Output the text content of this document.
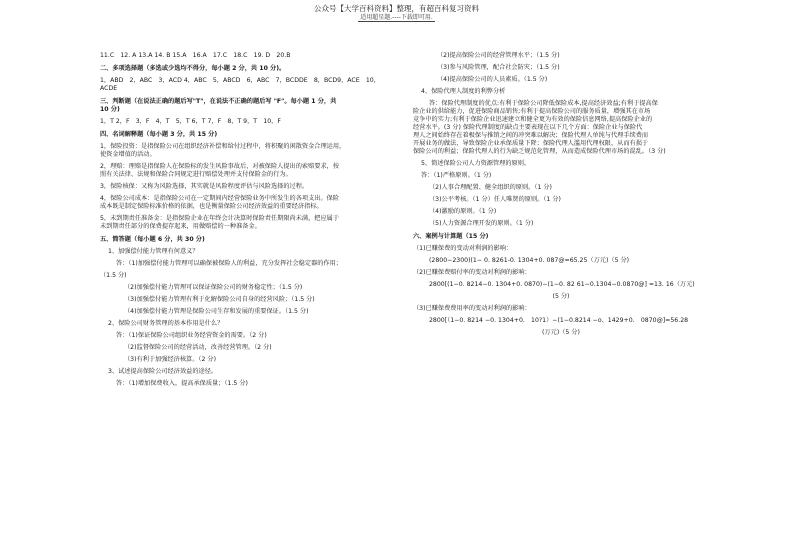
公众号【大学百科资料】整理，有超百科复习资料
适用超星题.----下载即可用.

11.C　12. A 13.A 14. B 15.A　16.A　17.C　18.C　19. D　20.B

二、多项选择题（多选或少选均不得分，每小题 2 分，共 10 分)。

1，ABD　2，ABC　3，ACD 4，ABC　5，ABCD　6，ABC　7，BCDDE　8，BCD9，ACE　10，ACDE

三、判断题（在说法正确的题后写"T"，在说法不正确的题后写 "F"。每小题 1 分，共

10 分)

1，T 2，F　3，F　4，T　5，T 6，T 7，F　8，T 9，T　10，F

四、名词解释题（每小题 3 分，共 15 分)

1，保险投资：是指保险公司在组织经济补偿和给付过程中，将积聚的闲散资金合理运用，

使资金增值的活动。

2，理赔：理赔是指保险人在保险标的发生风险事故后，对被保险人提出的索赔要求，按

照有关法律、法规和保险合同规定进行赔偿处理并支付保险金的行为。

3，保险核保：又称为风险选择，其实就是风险程度评估与风险选择的过程。

4，保险公司成本：是指保险公司在一定期间内经营保险业务中所发生的各项支出。保险

成本既是制定保险标准价格的依据，也是衡量保险公司经济效益的重要经济指标。

5，未到期责任准备金：是指保险企业在年终会计决算时保险责任期限尚未满，把应属于

未到期责任部分的保费提存起来，用做赔偿的一种准备金。

五、简答题（每小题 6 分，共 30 分)

1、加强偿付能力管理有何意义？

答：（1)加强偿付能力管理可以确保被保险人的利益，充分发挥社会稳定器的作用；

（1.5 分)

（2)加强偿付能力管理可以保证保险公司的财务稳定性；（1.5 分)

（3)加强偿付能力管理有利于化解保险公司自身的经营风险；（1.5 分)

（4)加强偿付能力管理是保险公司生存和发展的重要保证。（1.5 分)

2、保险公司财务管理的基本作用是什么？

答：（1)保证保险公司组织业务经营资金的需要。（2 分)

（2)监督保险公司的经营活动，改善经营管理。（2 分)

（3)有利于加强经济核算。（2 分)

3、试述提高保险公司经济效益的途径。

答：（1)增加保费收入，提高承保质量；（1.5 分)

（2)提高保险公司的经营管理水平；（1.5 分)

（3)参与风险管理，配合社会防灾；（1.5 分)

（4)提高保险公司的人员素质。（1.5 分)

4、保险代理人制度的利弊分析

答：保险代理制度的优点:有利于保险公司降低保险成本,提高经济效益;有利于提高保

险企业的供给能力，促进保险商品销售;有利于提高保险公司的服务质量，增强其在市场

竞争中的实力;有利于保险企业迅速建立和健全更为有效的保险信息网络,提高保险企业的

经营水平。(3 分) 保险代理制度的缺点主要表现在以下几个方面：保险企业与保险代

理人之间始终存在着极保与推销之间的冲突难以解决；保险代理人单纯与代理手续费而

开展业务的做法，导致保险企业承保质量下降；保险代理人滥用代理权限，从而有损于

保险公司的利益；保险代理人的行为缺乏规范化管理，从而造成保险代理市场的混乱。（3 分)

5、简述保险公司人力资源管理的原则。

答：（1)严格原则。（1 分)

（2)人事合理配置、健全组织的原则。（1 分)

（3)公平考核。（1 分）任人唯贤的原则。（1 分)

（4)激励的原则。（1 分)

（5)人力资源合理开发的原则。（1 分)

六、案例与计算题（15 分)

（1)已赚保费的变动对利润的影响：

(2800−2300)(1− 0. 8261-0. 1304+0. 087@=65.25（万元)（5 分)

（2)已赚保费赔付率的变动对利润的影响：

2800[(1−0. 8214−0. 1304+0. 0870)−(1−0. 82 61−0.1304−0.0870@] =13. 16（万元)

(5 分)

（3)已赚保费费用率的变动对利润的影响：

2800[（1−0. 8214 −0. 1304+0.　10?1）−(1−0.8214 −o、1429+0.　0870@]=56.28

(万元)（5 分)
